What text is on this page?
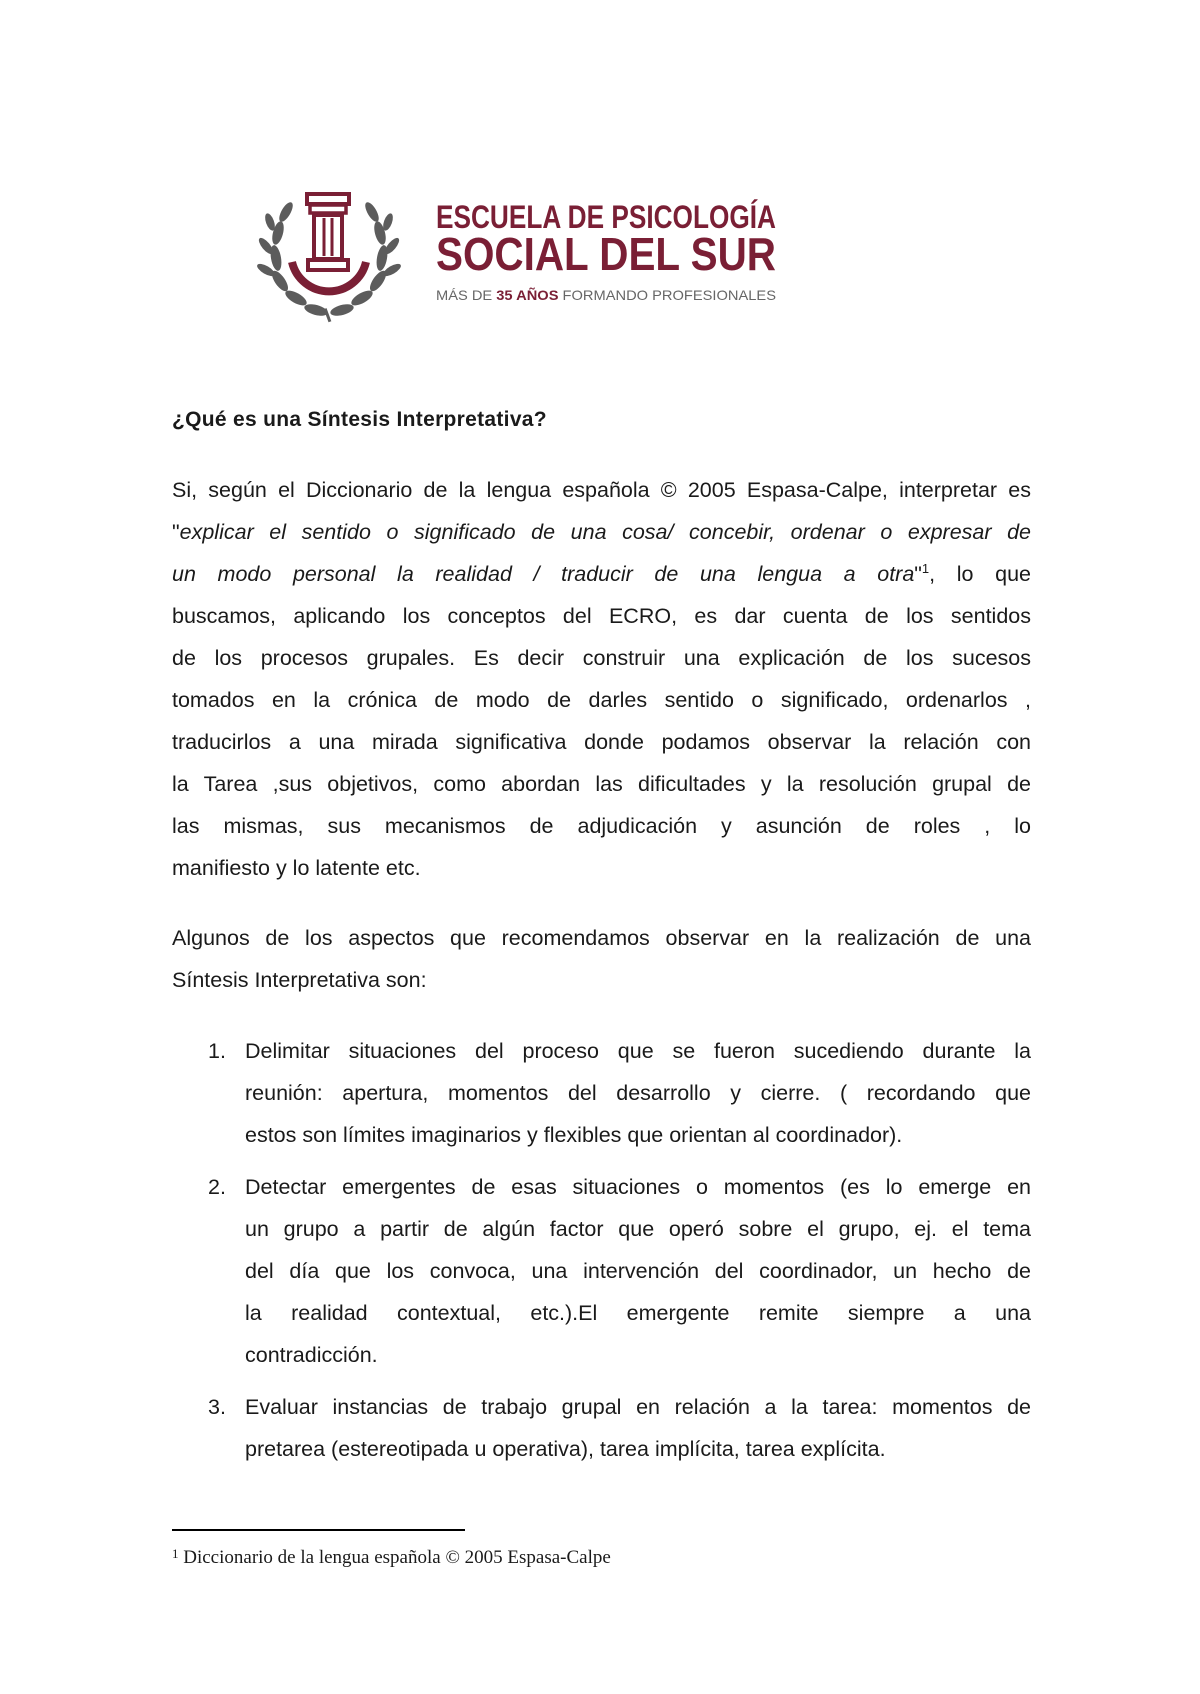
ESCUELA DE PSICOLOGÍA
SOCIAL DEL SUR
MÁS DE 35 AÑOS FORMANDO PROFESIONALES
¿Qué es una Síntesis Interpretativa?
Si, según el Diccionario de la lengua española © 2005 Espasa-Calpe, interpretar es
"explicar el sentido o significado de una cosa/ concebir, ordenar o expresar de
un modo personal la realidad / traducir de una lengua a otra"$^1$, lo que
buscamos, aplicando los conceptos del ECRO, es dar cuenta de los sentidos
de los procesos grupales. Es decir construir una explicación de los sucesos
tomados en la crónica de modo de darles sentido o significado, ordenarlos ,
traducirlos a una mirada significativa donde podamos observar la relación con
la Tarea ,sus objetivos, como abordan las dificultades y la resolución grupal de
las mismas, sus mecanismos de adjudicación y asunción de roles , lo
manifiesto y lo latente etc.
Algunos de los aspectos que recomendamos observar en la realización de una
Síntesis Interpretativa son:
1. Delimitar situaciones del proceso que se fueron sucediendo durante la
reunión: apertura, momentos del desarrollo y cierre. ( recordando que
estos son límites imaginarios y flexibles que orientan al coordinador).
2. Detectar emergentes de esas situaciones o momentos (es lo emerge en
un grupo a partir de algún factor que operó sobre el grupo, ej. el tema
del día que los convoca, una intervención del coordinador, un hecho de
la realidad contextual, etc.).El emergente remite siempre a una
contradicción.
3. Evaluar instancias de trabajo grupal en relación a la tarea: momentos de
pretarea (estereotipada u operativa), tarea implícita, tarea explícita.
$^1$ Diccionario de la lengua española © 2005 Espasa-Calpe
